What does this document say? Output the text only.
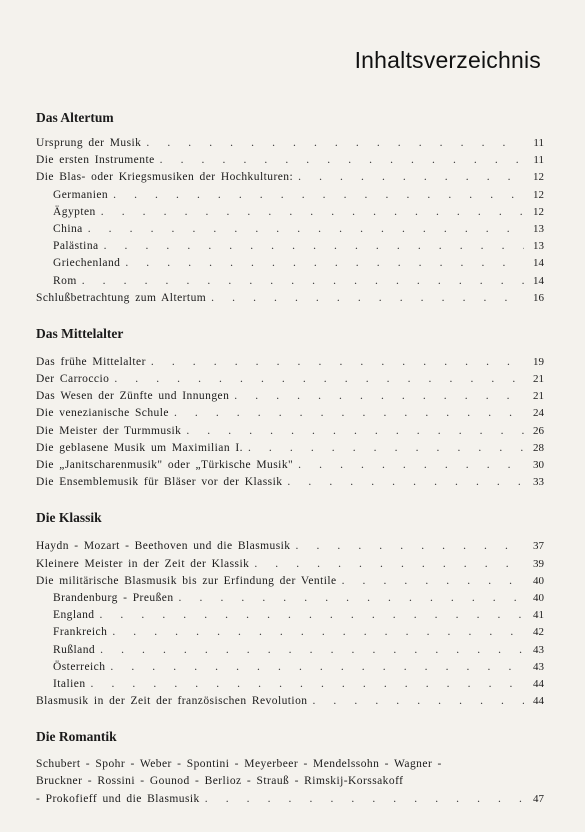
Inhaltsverzeichnis
Das Altertum
Ursprung der Musik . . .	11
Die ersten Instrumente . . .	11
Die Blas- oder Kriegsmusiken der Hochkulturen: . . .	12
Germanien . . .	12
Ägypten . . .	12
China . . .	13
Palästina . . .	13
Griechenland . . .	14
Rom . . .	14
Schlußbetrachtung zum Altertum . . .	16
Das Mittelalter
Das frühe Mittelalter . . .	19
Der Carroccio . . .	21
Das Wesen der Zünfte und Innungen . . .	21
Die venezianische Schule . . .	24
Die Meister der Turmmusik . . .	26
Die geblasene Musik um Maximilian I. . . .	28
Die „Janitscharenmusik" oder „Türkische Musik" . . .	30
Die Ensemblemusik für Bläser vor der Klassik . . .	33
Die Klassik
Haydn - Mozart - Beethoven und die Blasmusik . . .	37
Kleinere Meister in der Zeit der Klassik . . .	39
Die militärische Blasmusik bis zur Erfindung der Ventile . . .	40
Brandenburg - Preußen . . .	40
England . . .	41
Frankreich . . .	42
Rußland . . .	43
Österreich . . .	43
Italien . . .	44
Blasmusik in der Zeit der französischen Revolution . . .	44
Die Romantik
Schubert - Spohr - Weber - Spontini - Meyerbeer - Mendelssohn - Wagner -
Bruckner - Rossini - Gounod - Berlioz - Strauß - Rimskij-Korssakoff
- Prokofieff und die Blasmusik . . .	47
